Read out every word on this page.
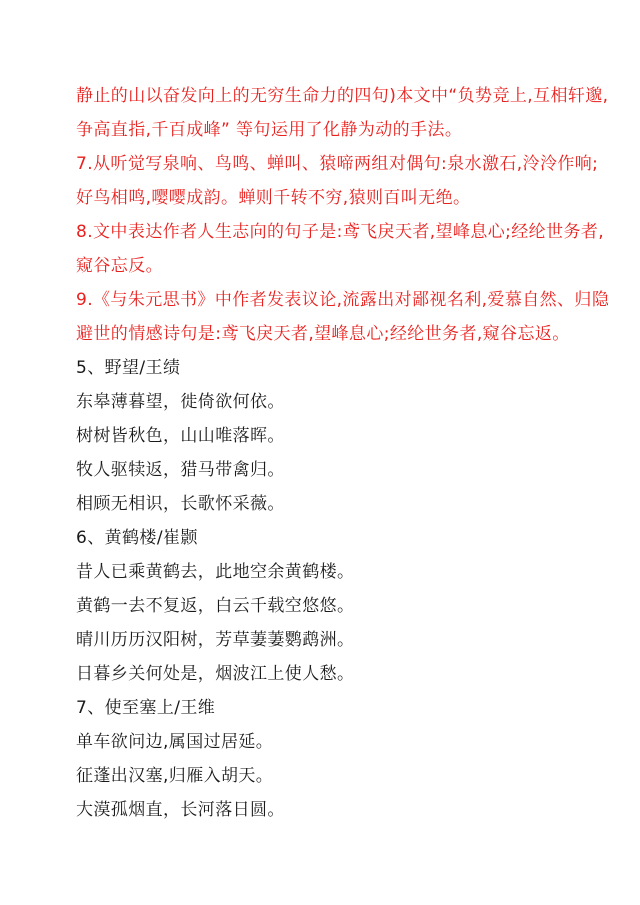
静止的山以奋发向上的无穷生命力的四句)本文中“负势竞上,互相轩邈,
争高直指,千百成峰” 等句运用了化静为动的手法。
7.从听觉写泉响、鸟鸣、蝉叫、猿啼两组对偶句:泉水激石,泠泠作响;
好鸟相鸣,嘤嘤成韵。蝉则千转不穷,猿则百叫无绝。
8.文中表达作者人生志向的句子是:鸢飞戾天者,望峰息心;经纶世务者,
窥谷忘反。
9.《与朱元思书》中作者发表议论,流露出对鄙视名利,爱慕自然、归隐
避世的情感诗句是:鸢飞戾天者,望峰息心;经纶世务者,窥谷忘返。
5、野望/王绩
东皋薄暮望，徙倚欲何依。
树树皆秋色，山山唯落晖。
牧人驱犊返，猎马带禽归。
相顾无相识，长歌怀采薇。
6、黄鹤楼/崔颢
昔人已乘黄鹤去，此地空余黄鹤楼。
黄鹤一去不复返，白云千载空悠悠。
晴川历历汉阳树，芳草萋萋鹦鹉洲。
日暮乡关何处是，烟波江上使人愁。
7、使至塞上/王维
单车欲问边,属国过居延。
征蓬出汉塞,归雁入胡天。
大漠孤烟直，长河落日圆。
